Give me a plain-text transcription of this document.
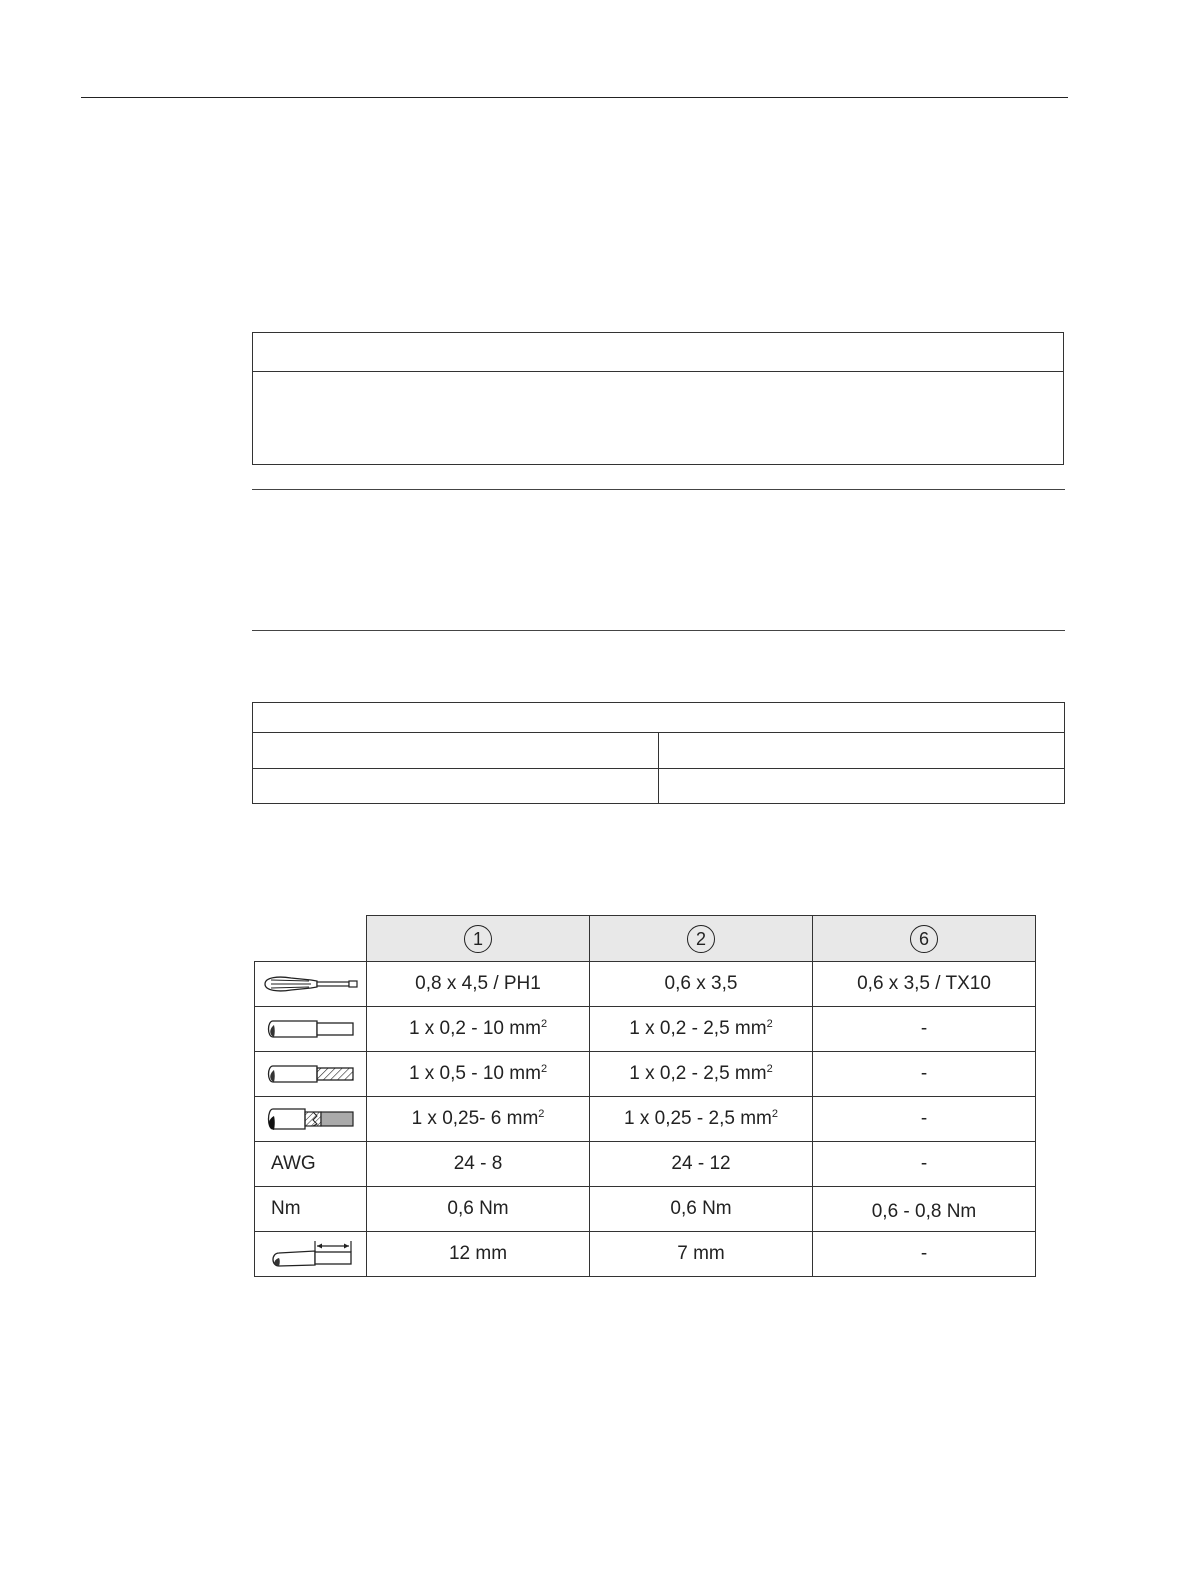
	1	2	6

	0,8 x 4,5 / PH1	0,6 x 3,5	0,6 x 3,5 / TX10

	1 x 0,2 - 10 $mm^2$	1 x 0,2 - 2,5 $mm^2$	-

	1 x 0,5 - 10 $mm^2$	1 x 0,2 - 2,5 $mm^2$	-

	1 x 0,25- 6 $mm^2$	1 x 0,25 - 2,5 $mm^2$	-
AWG	24 - 8	24 - 12	-
Nm	0,6 Nm	0,6 Nm	0,6 - 0,8 Nm

	12 mm	7 mm	-
